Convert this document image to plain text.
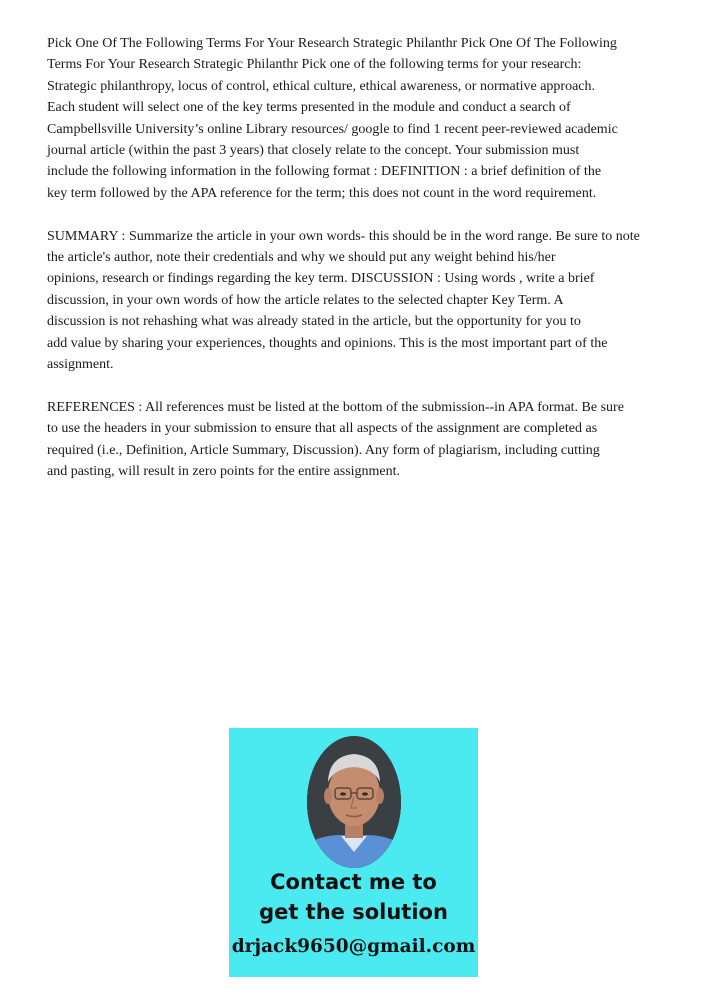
Pick One Of The Following Terms For Your Research Strategic Philanthr Pick One Of The Following
Terms For Your Research Strategic Philanthr Pick one of the following terms for your research:
Strategic philanthropy, locus of control, ethical culture, ethical awareness, or normative approach.
Each student will select one of the key terms presented in the module and conduct a search of
Campbellsville University’s online Library resources/ google to find 1 recent peer-reviewed academic
journal article (within the past 3 years) that closely relate to the concept. Your submission must
include the following information in the following format : DEFINITION : a brief definition of the
key term followed by the APA reference for the term; this does not count in the word requirement.

SUMMARY : Summarize the article in your own words- this should be in the word range. Be sure to note
the article's author, note their credentials and why we should put any weight behind his/her
opinions, research or findings regarding the key term. DISCUSSION : Using words , write a brief
discussion, in your own words of how the article relates to the selected chapter Key Term. A
discussion is not rehashing what was already stated in the article, but the opportunity for you to
add value by sharing your experiences, thoughts and opinions. This is the most important part of the
assignment.

REFERENCES : All references must be listed at the bottom of the submission--in APA format. Be sure
to use the headers in your submission to ensure that all aspects of the assignment are completed as
required (i.e., Definition, Article Summary, Discussion). Any form of plagiarism, including cutting
and pasting, will result in zero points for the entire assignment.

Contact me to
get the solution
drjack9650@gmail.com
